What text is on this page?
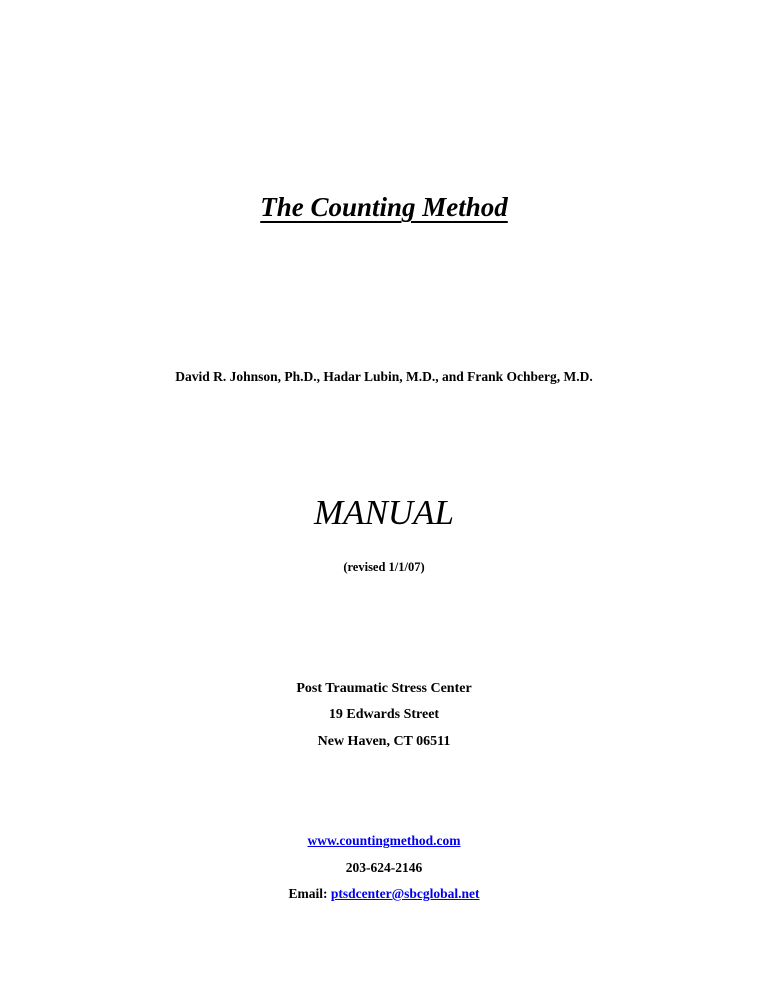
The Counting Method
David R. Johnson, Ph.D., Hadar Lubin, M.D., and Frank Ochberg, M.D.
MANUAL
(revised 1/1/07)
Post Traumatic Stress Center
19 Edwards Street
New Haven, CT 06511
www.countingmethod.com
203-624-2146
Email: ptsdcenter@sbcglobal.net
